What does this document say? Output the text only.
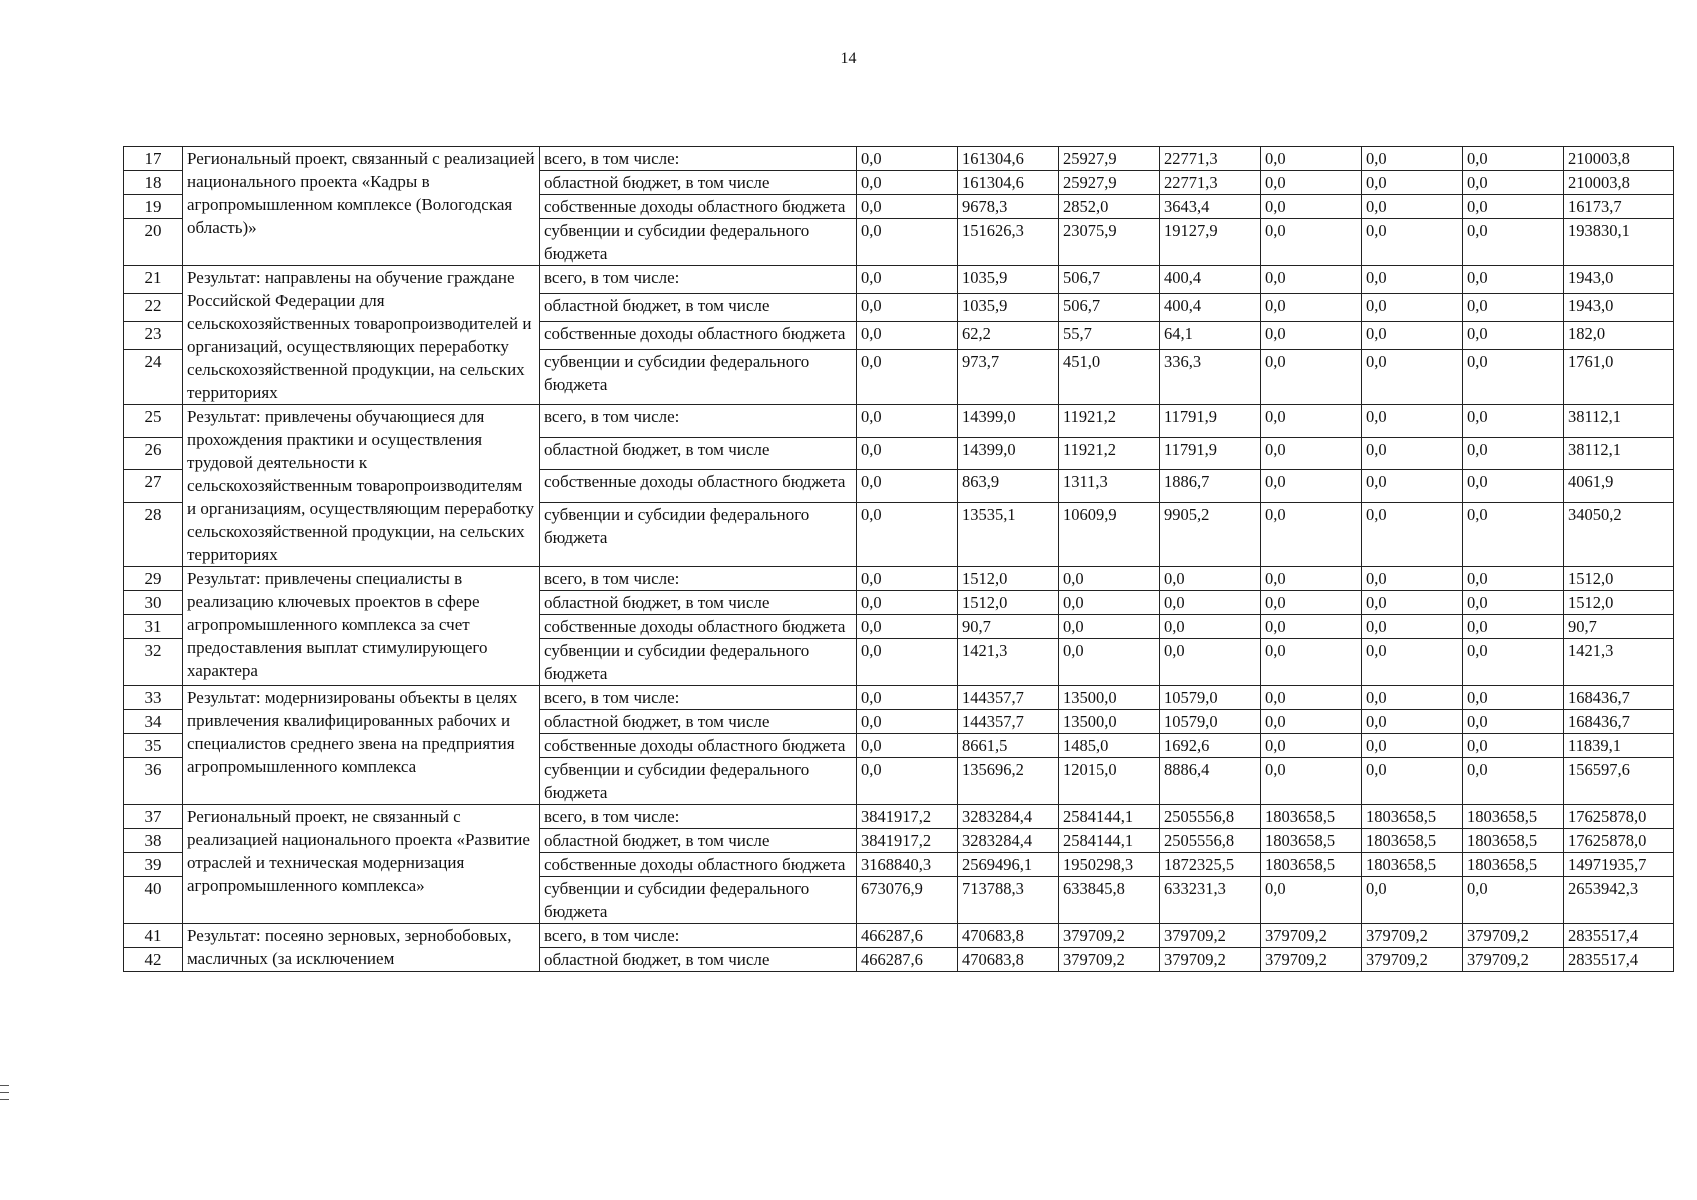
14
17	Региональный проект, связанный с реализацией национального проекта «Кадры в агропромышленном комплексе (Вологодская область)»	всего, в том числе:	0,0	161304,6	25927,9	22771,3	0,0	0,0	0,0	210003,8
18		областной бюджет, в том числе	0,0	161304,6	25927,9	22771,3	0,0	0,0	0,0	210003,8
19		собственные доходы областного бюджета	0,0	9678,3	2852,0	3643,4	0,0	0,0	0,0	16173,7
20		субвенции и субсидии федерального бюджета	0,0	151626,3	23075,9	19127,9	0,0	0,0	0,0	193830,1
21	Результат: направлены на обучение граждане Российской Федерации для сельскохозяйственных товаропроизводителей и организаций, осуществляющих переработку сельскохозяйственной продукции, на сельских территориях	всего, в том числе:	0,0	1035,9	506,7	400,4	0,0	0,0	0,0	1943,0
22		областной бюджет, в том числе	0,0	1035,9	506,7	400,4	0,0	0,0	0,0	1943,0
23		собственные доходы областного бюджета	0,0	62,2	55,7	64,1	0,0	0,0	0,0	182,0
24		субвенции и субсидии федерального бюджета	0,0	973,7	451,0	336,3	0,0	0,0	0,0	1761,0
25	Результат: привлечены обучающиеся для прохождения практики и осуществления трудовой деятельности к сельскохозяйственным товаропроизводителям и организациям, осуществляющим переработку сельскохозяйственной продукции, на сельских территориях	всего, в том числе:	0,0	14399,0	11921,2	11791,9	0,0	0,0	0,0	38112,1
26		областной бюджет, в том числе	0,0	14399,0	11921,2	11791,9	0,0	0,0	0,0	38112,1
27		собственные доходы областного бюджета	0,0	863,9	1311,3	1886,7	0,0	0,0	0,0	4061,9
28		субвенции и субсидии федерального бюджета	0,0	13535,1	10609,9	9905,2	0,0	0,0	0,0	34050,2
29	Результат: привлечены специалисты в реализацию ключевых проектов в сфере агропромышленного комплекса за счет предоставления выплат стимулирующего характера	всего, в том числе:	0,0	1512,0	0,0	0,0	0,0	0,0	0,0	1512,0
30		областной бюджет, в том числе	0,0	1512,0	0,0	0,0	0,0	0,0	0,0	1512,0
31		собственные доходы областного бюджета	0,0	90,7	0,0	0,0	0,0	0,0	0,0	90,7
32		субвенции и субсидии федерального бюджета	0,0	1421,3	0,0	0,0	0,0	0,0	0,0	1421,3
33	Результат: модернизированы объекты в целях привлечения квалифицированных рабочих и специалистов среднего звена на предприятия агропромышленного комплекса	всего, в том числе:	0,0	144357,7	13500,0	10579,0	0,0	0,0	0,0	168436,7
34		областной бюджет, в том числе	0,0	144357,7	13500,0	10579,0	0,0	0,0	0,0	168436,7
35		собственные доходы областного бюджета	0,0	8661,5	1485,0	1692,6	0,0	0,0	0,0	11839,1
36		субвенции и субсидии федерального бюджета	0,0	135696,2	12015,0	8886,4	0,0	0,0	0,0	156597,6
37	Региональный проект, не связанный с реализацией национального проекта «Развитие отраслей и техническая модернизация агропромышленного комплекса»	всего, в том числе:	3841917,2	3283284,4	2584144,1	2505556,8	1803658,5	1803658,5	1803658,5	17625878,0
38		областной бюджет, в том числе	3841917,2	3283284,4	2584144,1	2505556,8	1803658,5	1803658,5	1803658,5	17625878,0
39		собственные доходы областного бюджета	3168840,3	2569496,1	1950298,3	1872325,5	1803658,5	1803658,5	1803658,5	14971935,7
40		субвенции и субсидии федерального бюджета	673076,9	713788,3	633845,8	633231,3	0,0	0,0	0,0	2653942,3
41	Результат: посеяно зерновых, зернобобовых, масличных (за исключением	всего, в том числе:	466287,6	470683,8	379709,2	379709,2	379709,2	379709,2	379709,2	2835517,4
42		областной бюджет, в том числе	466287,6	470683,8	379709,2	379709,2	379709,2	379709,2	379709,2	2835517,4
